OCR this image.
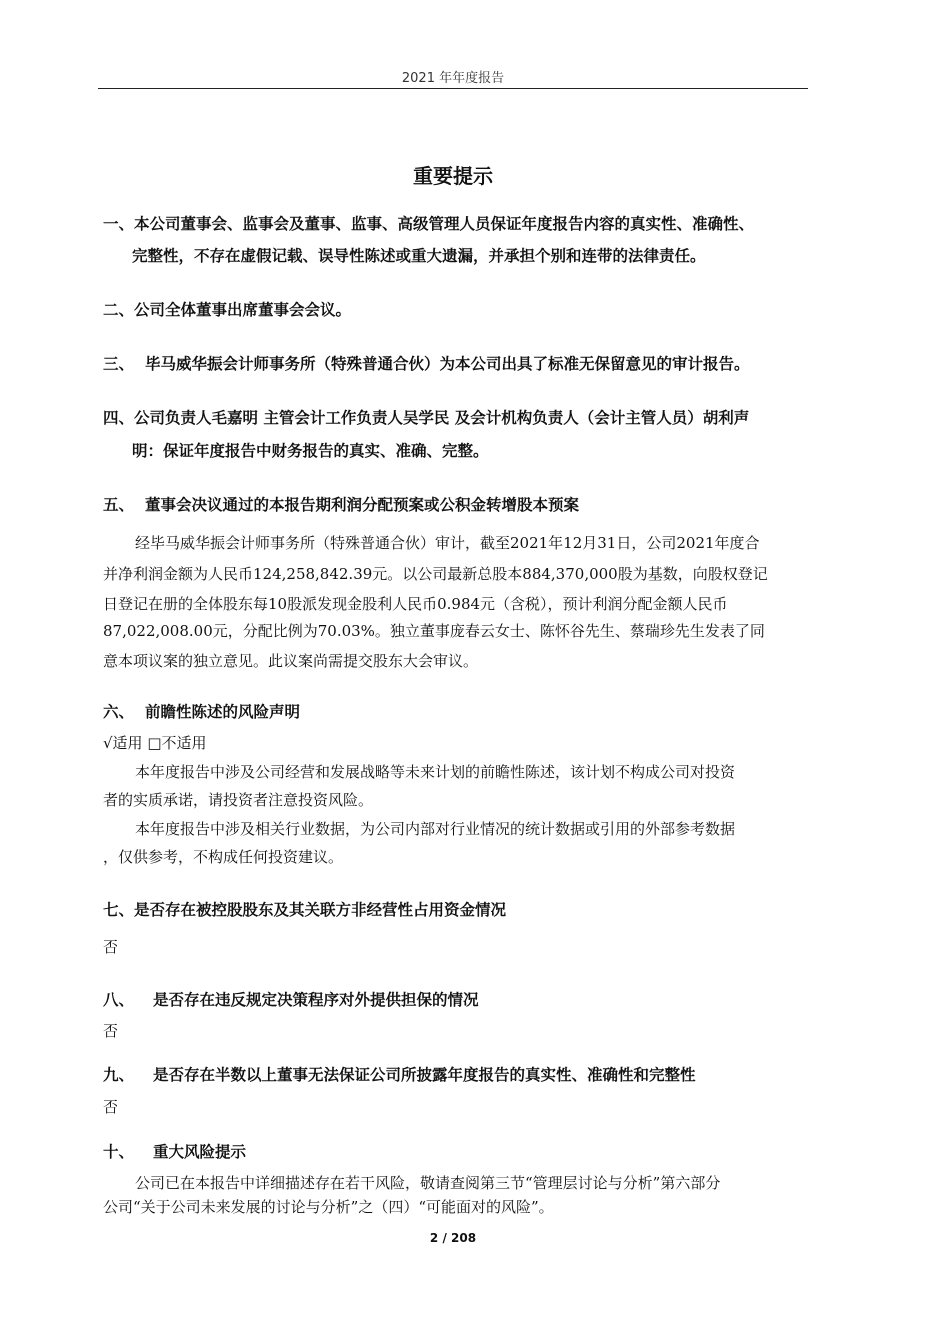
2021 年年度报告
重要提示
一、本公司董事会、监事会及董事、监事、高级管理人员保证年度报告内容的真实性、准确性、
完整性，不存在虚假记载、误导性陈述或重大遗漏，并承担个别和连带的法律责任。
二、公司全体董事出席董事会会议。
三、 毕马威华振会计师事务所（特殊普通合伙）为本公司出具了标准无保留意见的审计报告。
四、公司负责人毛嘉明 主管会计工作负责人吴学民 及会计机构负责人（会计主管人员）胡利声
明：保证年度报告中财务报告的真实、准确、完整。
五、 董事会决议通过的本报告期利润分配预案或公积金转增股本预案
经毕马威华振会计师事务所（特殊普通合伙）审计，截至2021年12月31日，公司2021年度合
并净利润金额为人民币124,258,842.39元。以公司最新总股本884,370,000股为基数，向股权登记
日登记在册的全体股东每10股派发现金股利人民币0.984元（含税），预计利润分配金额人民币
87,022,008.00元，分配比例为70.03%。独立董事庞春云女士、陈怀谷先生、蔡瑞珍先生发表了同
意本项议案的独立意见。此议案尚需提交股东大会审议。
六、 前瞻性陈述的风险声明
√适用 □不适用
本年度报告中涉及公司经营和发展战略等未来计划的前瞻性陈述，该计划不构成公司对投资
者的实质承诺，请投资者注意投资风险。
本年度报告中涉及相关行业数据，为公司内部对行业情况的统计数据或引用的外部参考数据
，仅供参考，不构成任何投资建议。
七、是否存在被控股股东及其关联方非经营性占用资金情况
否
八、 是否存在违反规定决策程序对外提供担保的情况
否
九、 是否存在半数以上董事无法保证公司所披露年度报告的真实性、准确性和完整性
否
十、 重大风险提示
公司已在本报告中详细描述存在若干风险，敬请查阅第三节“管理层讨论与分析”第六部分
公司“关于公司未来发展的讨论与分析”之（四）“可能面对的风险”。
2 / 208
